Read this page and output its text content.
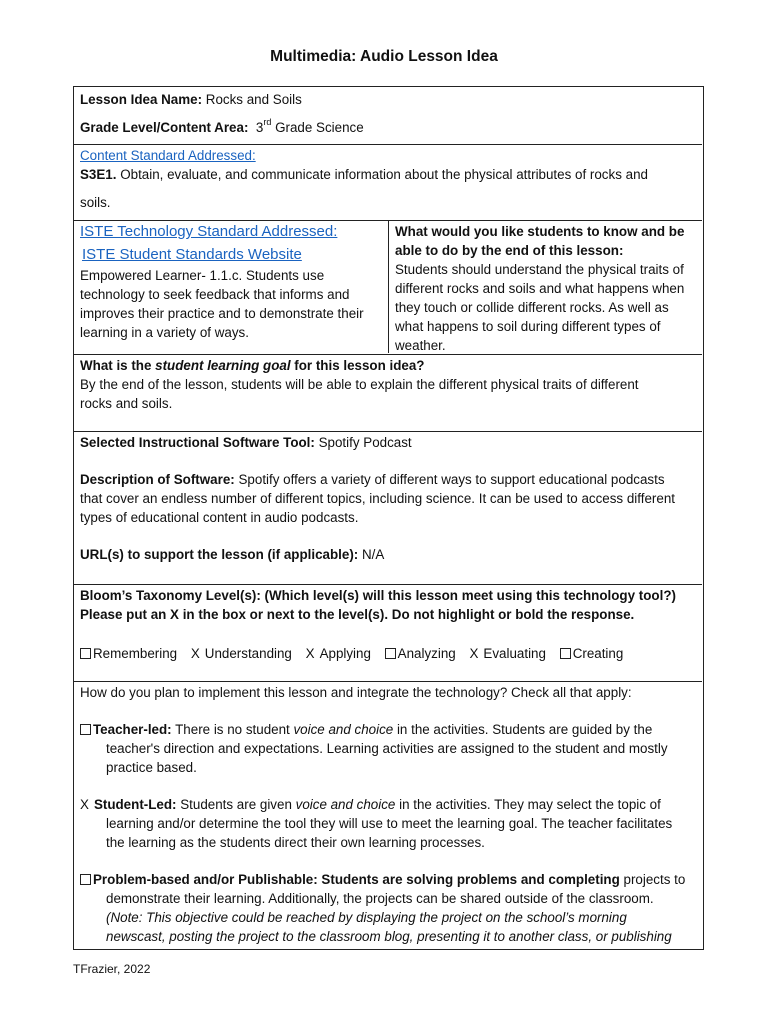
Multimedia: Audio Lesson Idea

Lesson Idea Name: Rocks and Soils

Grade Level/Content Area: 3rd Grade Science

Content Standard Addressed:

S3E1. Obtain, evaluate, and communicate information about the physical attributes of rocks and

soils.

ISTE Technology Standard Addressed:

ISTE Student Standards Website

Empowered Learner- 1.1.c. Students use

technology to seek feedback that informs and

improves their practice and to demonstrate their

learning in a variety of ways.

What would you like students to know and be

able to do by the end of this lesson:

Students should understand the physical traits of

different rocks and soils and what happens when

they touch or collide different rocks. As well as

what happens to soil during different types of

weather.

What is the student learning goal for this lesson idea?

By the end of the lesson, students will be able to explain the different physical traits of different

rocks and soils.

Selected Instructional Software Tool: Spotify Podcast

Description of Software: Spotify offers a variety of different ways to support educational podcasts

that cover an endless number of different topics, including science. It can be used to access different

types of educational content in audio podcasts.

URL(s) to support the lesson (if applicable): N/A

Bloom’s Taxonomy Level(s): (Which level(s) will this lesson meet using this technology tool?)

Please put an X in the box or next to the level(s). Do not highlight or bold the response.

Remembering X Understanding X Applying Analyzing X Evaluating Creating

How do you plan to implement this lesson and integrate the technology? Check all that apply:

Teacher-led: There is no student voice and choice in the activities. Students are guided by the

teacher's direction and expectations. Learning activities are assigned to the student and mostly

practice based.

X Student-Led: Students are given voice and choice in the activities. They may select the topic of

learning and/or determine the tool they will use to meet the learning goal. The teacher facilitates

the learning as the students direct their own learning processes.

Problem-based and/or Publishable: Students are solving problems and completing projects to

demonstrate their learning. Additionally, the projects can be shared outside of the classroom.

(Note: This objective could be reached by displaying the project on the school’s morning

newscast, posting the project to the classroom blog, presenting it to another class, or publishing

TFrazier, 2022
